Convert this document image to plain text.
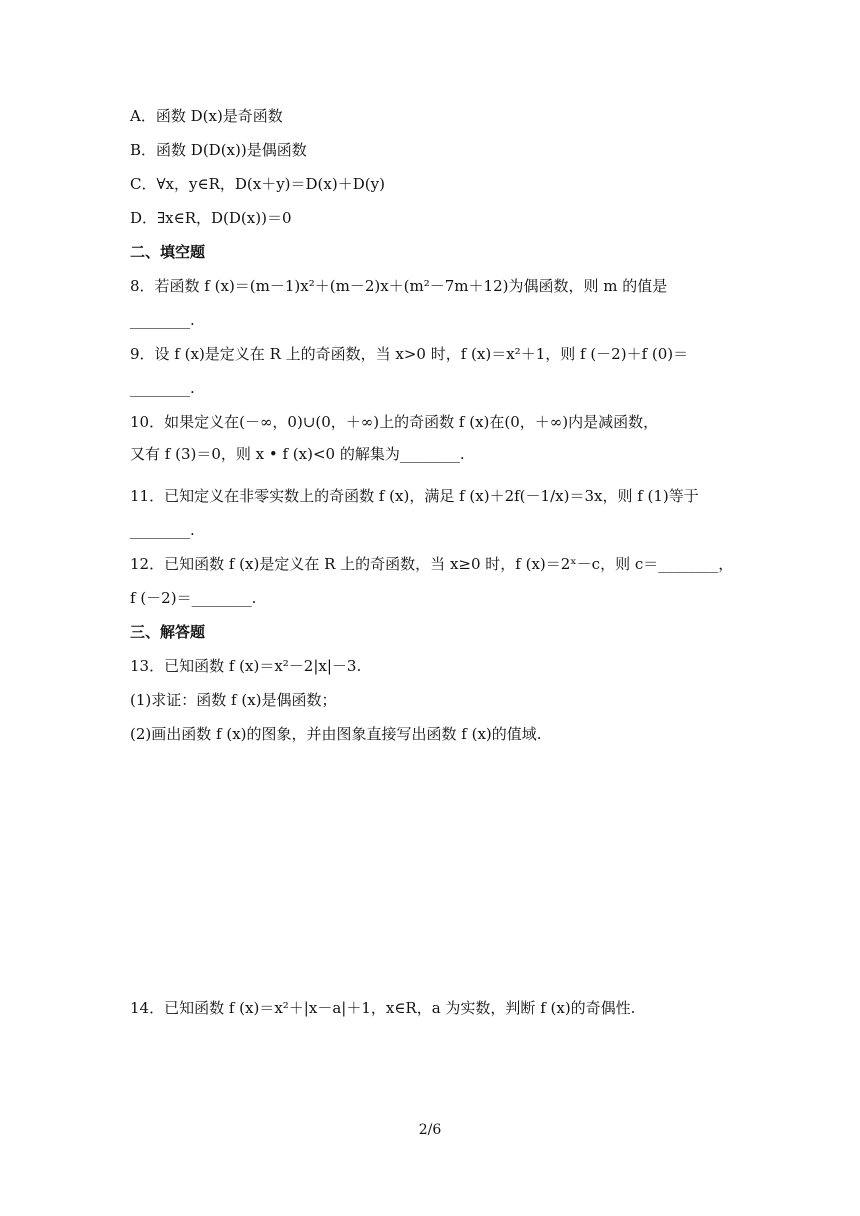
A．函数 D(x)是奇函数
B．函数 D(D(x))是偶函数
C．∀x，y∈R，D(x＋y)＝D(x)＋D(y)
D．∃x∈R，D(D(x))＝0
二、填空题
8．若函数 f (x)＝(m－1)x²＋(m－2)x＋(m²－7m＋12)为偶函数，则 m 的值是
________.
9．设 f (x)是定义在 R 上的奇函数，当 x>0 时，f (x)＝x²＋1，则 f (－2)＋f (0)＝
________.
10．如果定义在(－∞，0)∪(0，＋∞)上的奇函数 f (x)在(0，＋∞)内是减函数，
又有 f (3)＝0，则 x • f (x)<0 的解集为________.
11．已知定义在非零实数上的奇函数 f (x)，满足 f (x)＋2f(－1/x)＝3x，则 f (1)等于
________.
12．已知函数 f (x)是定义在 R 上的奇函数，当 x≥0 时，f (x)＝2ˣ－c，则 c＝________，
f (－2)＝________.
三、解答题
13．已知函数 f (x)＝x²－2|x|－3.
(1)求证：函数 f (x)是偶函数；
(2)画出函数 f (x)的图象，并由图象直接写出函数 f (x)的值域.
14．已知函数 f (x)＝x²＋|x－a|＋1，x∈R，a 为实数，判断 f (x)的奇偶性.
2/6
